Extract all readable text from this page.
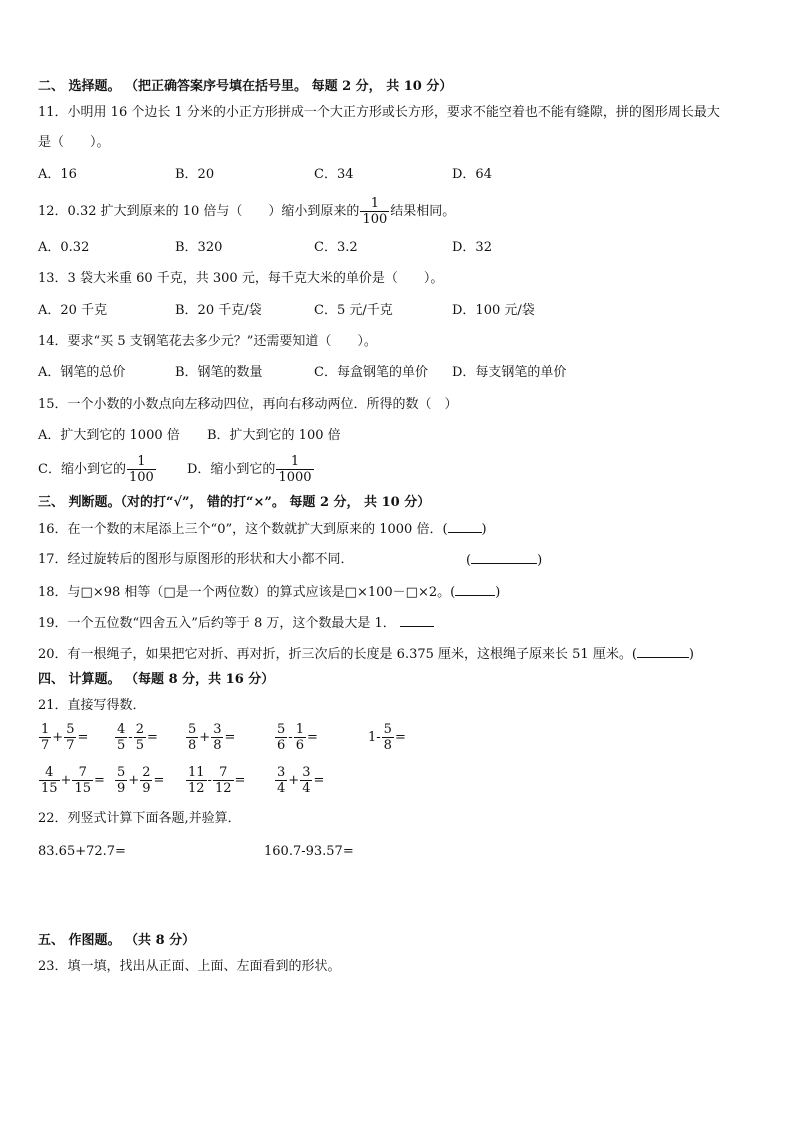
二、 选择题。 （把正确答案序号填在括号里。 每题 2 分， 共 10 分）
11．小明用 16 个边长 1 分米的小正方形拼成一个大正方形或长方形，要求不能空着也不能有缝隙，拼的图形周长最大
是（　　）。
A．16	B．20	C．34	D．64
12．0.32 扩大到原来的 10 倍与（　　）缩小到原来的 $\frac{1}{100}$ 结果相同。
A．0.32	B．320	C．3.2	D．32
13．3 袋大米重 60 千克，共 300 元，每千克大米的单价是（　　）。
A．20 千克	B．20 千克/袋	C．5 元/千克	D．100 元/袋
14．要求“买 5 支钢笔花去多少元？”还需要知道（　　）。
A．钢笔的总价	B．钢笔的数量	C．每盒钢笔的单价 D．每支钢笔的单价
15．一个小数的小数点向左移动四位，再向右移动两位．所得的数（　）
A．扩大到它的 1000 倍 B．扩大到它的 100 倍
C．缩小到它的 $\frac{1}{100}$ D．缩小到它的 $\frac{1}{1000}$
三、 判断题。（对的打“√”， 错的打“×”。 每题 2 分， 共 10 分）
16．在一个数的末尾添上三个“0”，这个数就扩大到原来的 1000 倍．(	)
17．经过旋转后的图形与原图形的形状和大小都不同．	(	)
18．与□×98 相等（□是一个两位数）的算式应该是□×100－□×2。(	)
19．一个五位数“四舍五入”后约等于 8 万，这个数最大是 1．
20．有一根绳子，如果把它对折、再对折，折三次后的长度是 6.375 厘米，这根绳子原来长 51 厘米。(	)
四、 计算题。 （每题 8 分，共 16 分）
21．直接写得数．
$\frac{1}{7} + \frac{5}{7} = \frac{4}{5} - \frac{2}{5} = \frac{5}{8} + \frac{3}{8}$ =	$\frac{5}{6} - \frac{1}{6}$ =	$1- \frac{5}{8}$ =
$\frac{4}{15} + \frac{7}{15} = \frac{5}{9} + \frac{2}{9} = \frac{11}{12} - \frac{7}{12} = \frac{3}{4} + \frac{3}{4}$ =
22．列竖式计算下面各题,并验算．
83.65+72.7=	160.7-93.57=
五、 作图题。 （共 8 分）
23．填一填，找出从正面、上面、左面看到的形状。
